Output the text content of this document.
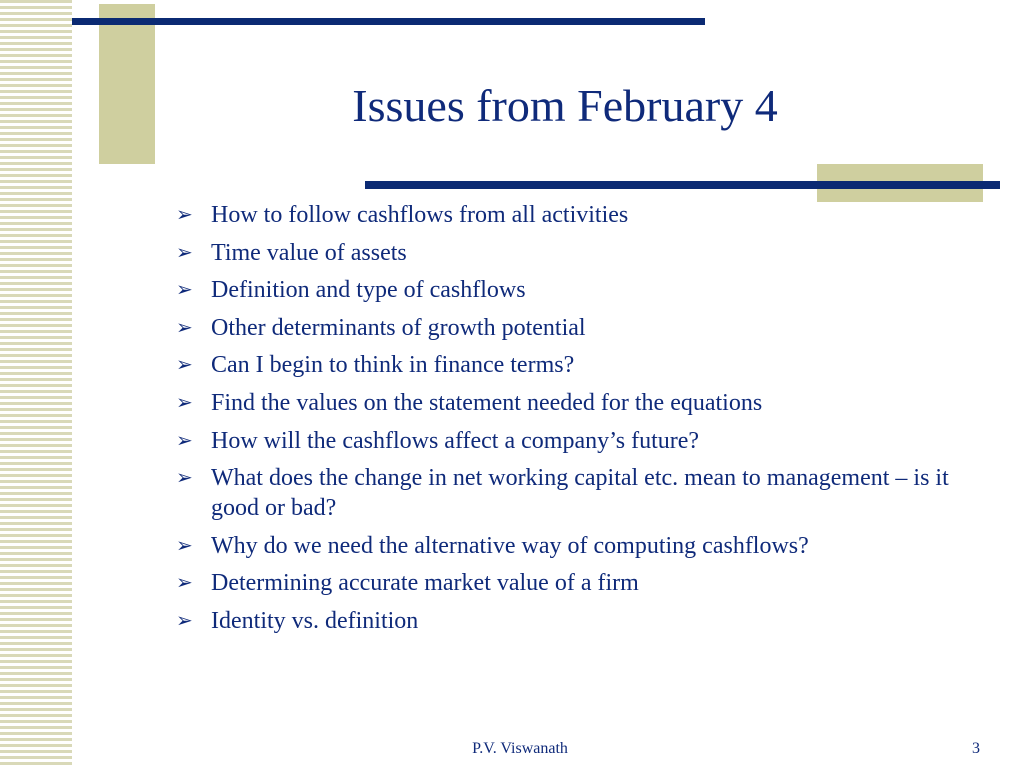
Issues from February 4
➢ How to follow cashflows from all activities
➢ Time value of assets
➢ Definition and type of cashflows
➢ Other determinants of growth potential
➢ Can I begin to think in finance terms?
➢ Find the values on the statement needed for the equations
➢ How will the cashflows affect a company’s future?
➢ What does the change in net working capital etc. mean to management – is it good or bad?
➢ Why do we need the alternative way of computing cashflows?
➢ Determining accurate market value of a firm
➢ Identity vs. definition
P.V. Viswanath	3
